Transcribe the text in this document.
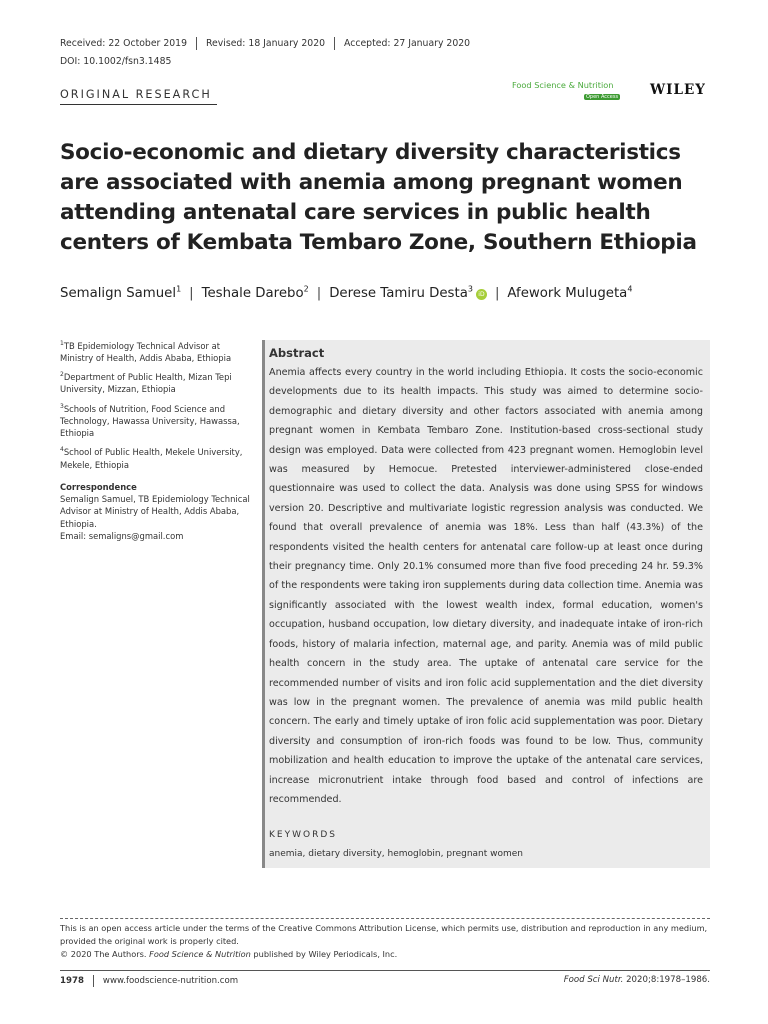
Received: 22 October 2019 Revised: 18 January 2020 Accepted: 27 January 2020
DOI: 10.1002/fsn3.1485
ORIGINAL RESEARCH
Food Science & Nutrition
Open Access WILEY
Socio-economic and dietary diversity characteristics are associated with anemia among pregnant women attending antenatal care services in public health centers of Kembata Tembaro Zone, Southern Ethiopia
Semalign Samuel$^1$ | Teshale Darebo$^2$ | Derese Tamiru Desta$^3$iD | Afework Mulugeta$^4$

$^1$TB Epidemiology Technical Advisor at Ministry of Health, Addis Ababa, Ethiopia

$^2$Department of Public Health, Mizan Tepi University, Mizzan, Ethiopia

$^3$Schools of Nutrition, Food Science and Technology, Hawassa University, Hawassa, Ethiopia

$^4$School of Public Health, Mekele University, Mekele, Ethiopia

Correspondence
Semalign Samuel, TB Epidemiology Technical Advisor at Ministry of Health, Addis Ababa, Ethiopia.
Email: semaligns@gmail.com
Abstract
Anemia affects every country in the world including Ethiopia. It costs the socio-economic developments due to its health impacts. This study was aimed to determine socio-demographic and dietary diversity and other factors associated with anemia among pregnant women in Kembata Tembaro Zone. Institution-based cross-sectional study design was employed. Data were collected from 423 pregnant women. Hemoglobin level was measured by Hemocue. Pretested interviewer-administered close-ended questionnaire was used to collect the data. Analysis was done using SPSS for windows version 20. Descriptive and multivariate logistic regression analysis was conducted. We found that overall prevalence of anemia was 18%. Less than half (43.3%) of the respondents visited the health centers for antenatal care follow-up at least once during their pregnancy time. Only 20.1% consumed more than five food preceding 24 hr. 59.3% of the respondents were taking iron supplements during data collection time. Anemia was significantly associated with the lowest wealth index, formal education, women's occupation, husband occupation, low dietary diversity, and inadequate intake of iron-rich foods, history of malaria infection, maternal age, and parity. Anemia was of mild public health concern in the study area. The uptake of antenatal care service for the recommended number of visits and iron folic acid supplementation and the diet diversity was low in the pregnant women. The prevalence of anemia was mild public health concern. The early and timely uptake of iron folic acid supplementation was poor. Dietary diversity and consumption of iron-rich foods was found to be low. Thus, community mobilization and health education to improve the uptake of the antenatal care services, increase micronutrient intake through food based and control of infections are recommended.
KEYWORDS
anemia, dietary diversity, hemoglobin, pregnant women
This is an open access article under the terms of the Creative Commons Attribution License, which permits use, distribution and reproduction in any medium, provided the original work is properly cited.
© 2020 The Authors. Food Science & Nutrition published by Wiley Periodicals, Inc.
1978 www.foodscience-nutrition.com	Food Sci Nutr. 2020;8:1978–1986.
